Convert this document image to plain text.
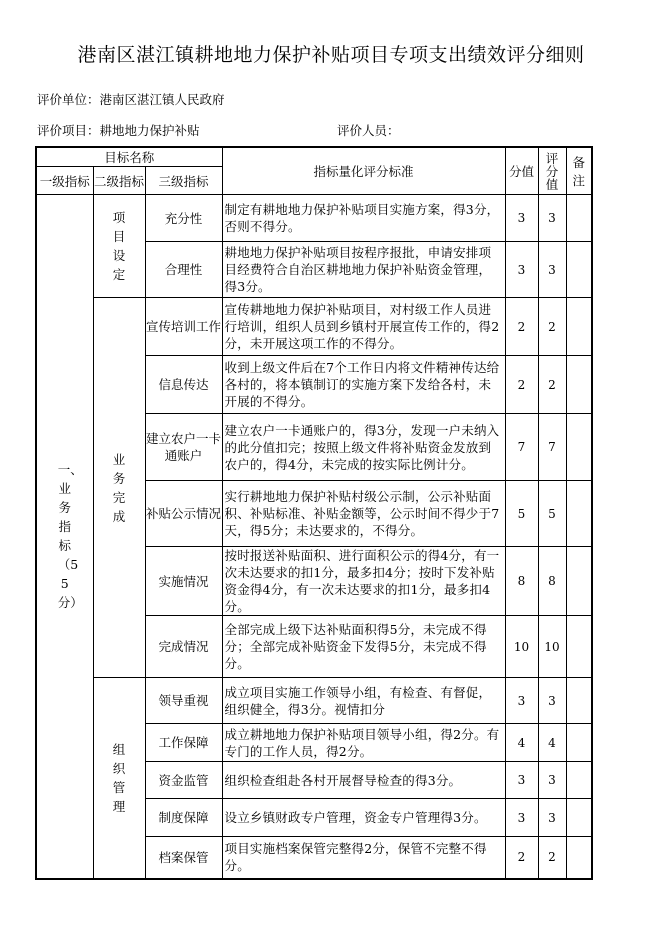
港南区湛江镇耕地地力保护补贴项目专项支出绩效评分细则
评价单位：港南区湛江镇人民政府
评价项目：耕地地力保护补贴	评价人员：
目标名称			指标量化评分标准	分值	评分值	备注
一级指标	二级指标	三级指标				
一、业务指标（55分）	项目设定	充分性	制定有耕地地力保护补贴项目实施方案，得3分，否则不得分。	3	3	
		合理性	耕地地力保护补贴项目按程序报批，申请安排项目经费符合自治区耕地地力保护补贴资金管理，得3分。	3	3	
	业务完成	宣传培训工作	宣传耕地地力保护补贴项目，对村级工作人员进行培训，组织人员到乡镇村开展宣传工作的，得2分，未开展这项工作的不得分。	2	2	
		信息传达	收到上级文件后在7个工作日内将文件精神传达给各村的，将本镇制订的实施方案下发给各村，未开展的不得分。	2	2	
		建立农户一卡通账户	建立农户一卡通账户的，得3分，发现一户未纳入的此分值扣完；按照上级文件将补贴资金发放到农户的，得4分，未完成的按实际比例计分。	7	7	
		补贴公示情况	实行耕地地力保护补贴村级公示制，公示补贴面积、补贴标准、补贴金额等，公示时间不得少于7天，得5分；未达要求的，不得分。	5	5	
		实施情况	按时报送补贴面积、进行面积公示的得4分，有一次未达要求的扣1分，最多扣4分；按时下发补贴资金得4分，有一次未达要求的扣1分，最多扣4分。	8	8	
		完成情况	全部完成上级下达补贴面积得5分，未完成不得分；全部完成补贴资金下发得5分，未完成不得分。	10	10	
	组织管理	领导重视	成立项目实施工作领导小组，有检查、有督促，组织健全，得3分。视情扣分	3	3	
		工作保障	成立耕地地力保护补贴项目领导小组，得2分。有专门的工作人员，得2分。	4	4	
		资金监管	组织检查组赴各村开展督导检查的得3分。	3	3	
		制度保障	设立乡镇财政专户管理，资金专户管理得3分。	3	3	
		档案保管	项目实施档案保管完整得2分，保管不完整不得分。	2	2	
